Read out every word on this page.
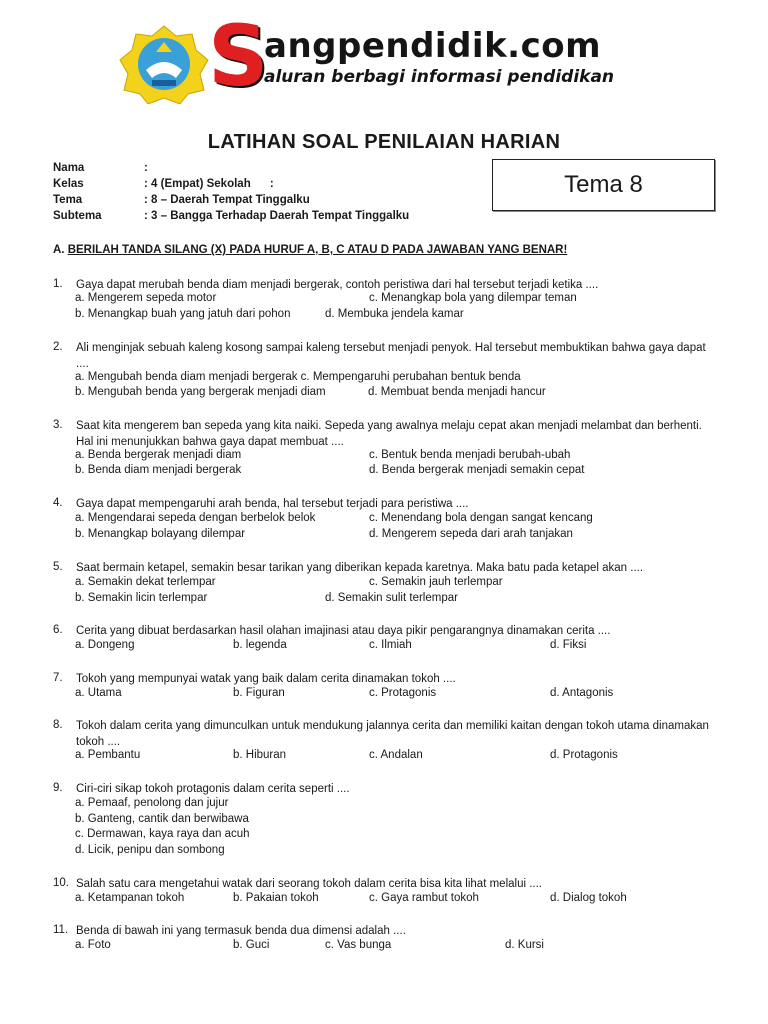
S
angpendidik.com
aluran berbagi informasi pendidikan
LATIHAN SOAL PENILAIAN HARIAN
Tema 8
Nama	:
Kelas	: 4 (Empat) Sekolah      :
Tema	: 8 – Daerah Tempat Tinggalku
Subtema	: 3 – Bangga Terhadap Daerah Tempat Tinggalku
A. BERILAH TANDA SILANG (X) PADA HURUF A, B, C ATAU D PADA JAWABAN YANG BENAR!
1. Gaya dapat merubah benda diam menjadi bergerak, contoh peristiwa dari hal tersebut terjadi ketika ....
a. Mengerem sepeda motor	c. Menangkap bola yang dilempar teman
b. Menangkap buah yang jatuh dari pohon	d. Membuka jendela kamar
2. Ali menginjak sebuah kaleng kosong sampai kaleng tersebut menjadi penyok. Hal tersebut membuktikan bahwa gaya dapat ....
a. Mengubah benda diam menjadi bergerak c. Mempengaruhi perubahan bentuk benda
b. Mengubah benda yang bergerak menjadi diam	d. Membuat benda menjadi hancur
3. Saat kita mengerem ban sepeda yang kita naiki. Sepeda yang awalnya melaju cepat akan menjadi melambat dan berhenti. Hal ini menunjukkan bahwa gaya dapat membuat ....
a. Benda bergerak menjadi diam	c. Bentuk benda menjadi berubah-ubah
b. Benda diam menjadi bergerak	d. Benda bergerak menjadi semakin cepat
4. Gaya dapat mempengaruhi arah benda, hal tersebut terjadi para peristiwa ....
a. Mengendarai sepeda dengan berbelok belok	c. Menendang bola dengan sangat kencang
b. Menangkap bolayang dilempar	d. Mengerem sepeda dari arah tanjakan
5. Saat bermain ketapel, semakin besar tarikan yang diberikan kepada karetnya. Maka batu pada ketapel akan ....
a. Semakin dekat terlempar	c. Semakin jauh terlempar
b. Semakin licin terlempar	d. Semakin sulit terlempar
6. Cerita yang dibuat berdasarkan hasil olahan imajinasi atau daya pikir pengarangnya dinamakan cerita ....
a. Dongeng	b. legenda	c. Ilmiah	d. Fiksi
7. Tokoh yang mempunyai watak yang baik dalam cerita dinamakan tokoh ....
a. Utama	b. Figuran	c. Protagonis	d. Antagonis
8. Tokoh dalam cerita yang dimunculkan untuk mendukung jalannya cerita dan memiliki kaitan dengan tokoh utama dinamakan tokoh ....
a. Pembantu	b. Hiburan	c. Andalan	d. Protagonis
9. Ciri-ciri sikap tokoh protagonis dalam cerita seperti ....
a. Pemaaf, penolong dan jujur
b. Ganteng, cantik dan berwibawa
c. Dermawan, kaya raya dan acuh
d. Licik, penipu dan sombong
10. Salah satu cara mengetahui watak dari seorang tokoh dalam cerita bisa kita lihat melalui ....
a. Ketampanan tokoh	b. Pakaian tokoh	c. Gaya rambut tokoh	d. Dialog tokoh
11. Benda di bawah ini yang termasuk benda dua dimensi adalah ....
a. Foto	b. Guci	c. Vas bunga	d. Kursi
